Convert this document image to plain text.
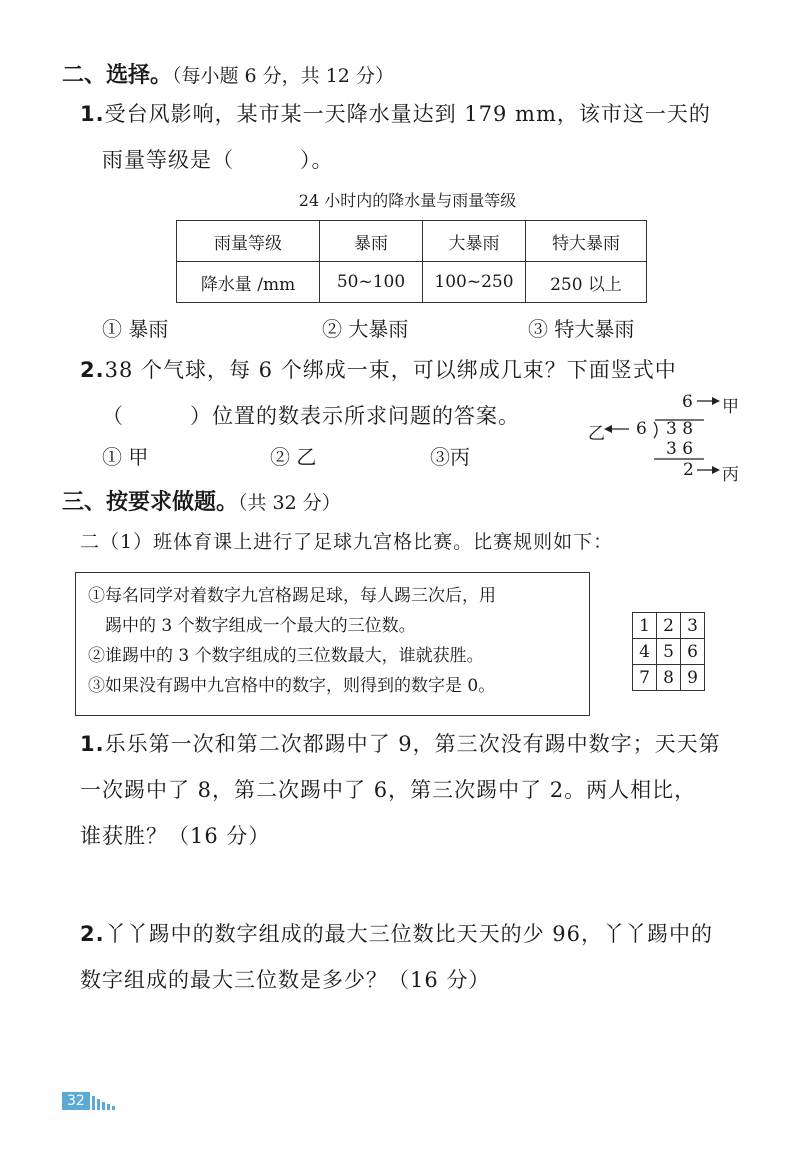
二、选择。（每小题 6 分，共 12 分）
1.受台风影响，某市某一天降水量达到 179 mm，该市这一天的
雨量等级是（　　　）。
24 小时内的降水量与雨量等级
雨量等级	暴雨	大暴雨	特大暴雨
降水量 /mm	50~100	100~250	250 以上
① 暴雨	② 大暴雨	③ 特大暴雨
2.38 个气球，每 6 个绑成一束，可以绑成几束？下面竖式中
（　　　）位置的数表示所求问题的答案。
① 甲	② 乙	③丙
6 甲
乙 6 3 8
3 6
2 丙
三、按要求做题。（共 32 分）
二（1）班体育课上进行了足球九宫格比赛。比赛规则如下：
①每名同学对着数字九宫格踢足球，每人踢三次后，用
　踢中的 3 个数字组成一个最大的三位数。
②谁踢中的 3 个数字组成的三位数最大，谁就获胜。
③如果没有踢中九宫格中的数字，则得到的数字是 0。
1	2	3
4	5	6
7	8	9
1.乐乐第一次和第二次都踢中了 9，第三次没有踢中数字；天天第
一次踢中了 8，第二次踢中了 6，第三次踢中了 2。两人相比，
谁获胜？（16 分）
2.丫丫踢中的数字组成的最大三位数比天天的少 96，丫丫踢中的
数字组成的最大三位数是多少？（16 分）
32
